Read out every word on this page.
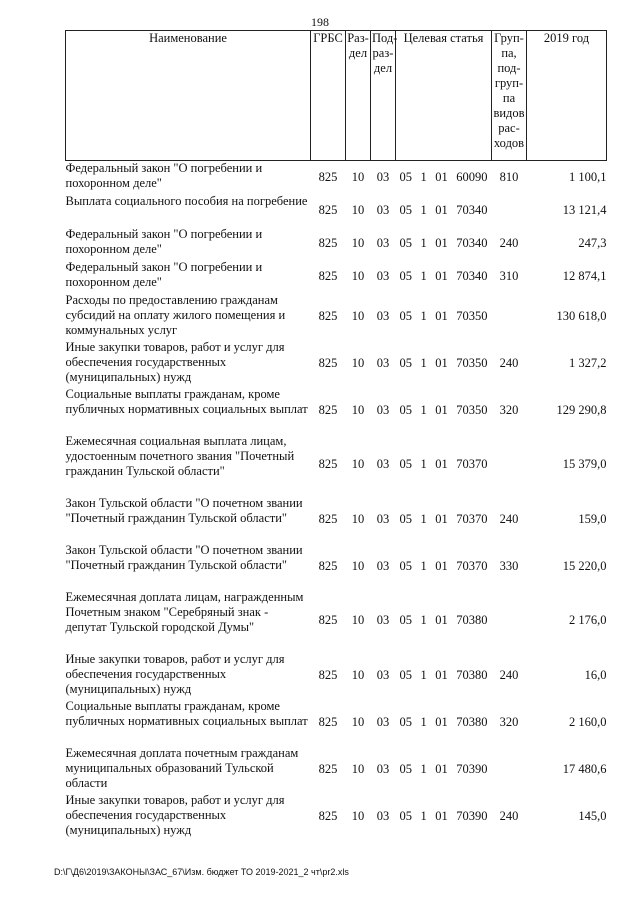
198
Наименование	ГРБС	Раз-дел	Под-раз-дел	Целевая статья	Груп-па, под-груп-па видов рас-ходов	2019 год
Федеральный закон "О погребении и похоронном деле"	825	10	03	05 1 01 60090	810	1 100,1
Выплата социального пособия на погребение	825	10	03	05 1 01 70340		13 121,4
Федеральный закон "О погребении и похоронном деле"	825	10	03	05 1 01 70340	240	247,3
Федеральный закон "О погребении и похоронном деле"	825	10	03	05 1 01 70340	310	12 874,1
Расходы по предоставлению гражданам субсидий на оплату жилого помещения и коммунальных услуг	825	10	03	05 1 01 70350		130 618,0
Иные закупки товаров, работ и услуг для обеспечения государственных (муниципальных) нужд	825	10	03	05 1 01 70350	240	1 327,2
Социальные выплаты гражданам, кроме публичных нормативных социальных выплат	825	10	03	05 1 01 70350	320	129 290,8
Ежемесячная социальная выплата лицам, удостоенным почетного звания "Почетный гражданин Тульской области"	825	10	03	05 1 01 70370		15 379,0
Закон Тульской области "О почетном звании "Почетный гражданин Тульской области"	825	10	03	05 1 01 70370	240	159,0
Закон Тульской области "О почетном звании "Почетный гражданин Тульской области"	825	10	03	05 1 01 70370	330	15 220,0
Ежемесячная доплата лицам, награжденным Почетным знаком "Серебряный знак - депутат Тульской городской Думы"	825	10	03	05 1 01 70380		2 176,0
Иные закупки товаров, работ и услуг для обеспечения государственных (муниципальных) нужд	825	10	03	05 1 01 70380	240	16,0
Социальные выплаты гражданам, кроме публичных нормативных социальных выплат	825	10	03	05 1 01 70380	320	2 160,0
Ежемесячная доплата почетным гражданам муниципальных образований Тульской области	825	10	03	05 1 01 70390		17 480,6
Иные закупки товаров, работ и услуг для обеспечения государственных (муниципальных) нужд	825	10	03	05 1 01 70390	240	145,0
D:\Г\Д6\2019\ЗАКОНЫ\ЗАС_67\Изм. бюджет ТО 2019-2021_2 чт\pr2.xls
